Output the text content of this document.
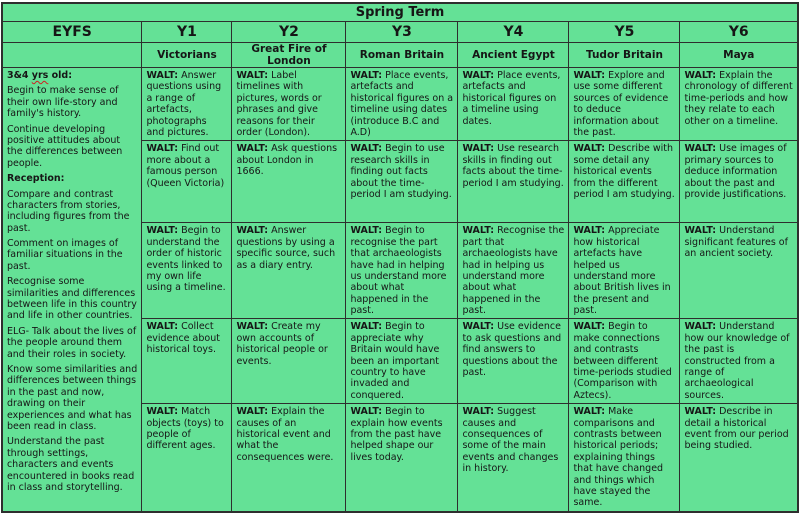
Spring Term						
EYFS	Y1	Y2	Y3	Y4	Y5	Y6
	Victorians	Great Fire of London	Roman Britain	Ancient Egypt	Tudor Britain	Maya

3&4 yrs old:
Begin to make sense of their own life-story and family's history.
Continue developing positive attitudes about the differences between people.
Reception:
Compare and contrast characters from stories, including figures from the past.
Comment on images of familiar situations in the past.
Recognise some similarities and differences between life in this country and life in other countries.
ELG- Talk about the lives of the people around them and their roles in society.
Know some similarities and differences between things in the past and now, drawing on their experiences and what has been read in class.
Understand the past through settings, characters and events encountered in books read in class and storytelling.
	WALT: Answer questions using a range of artefacts, photographs and pictures.	WALT: Label timelines with pictures, words or phrases and give reasons for their order (London).	WALT: Place events, artefacts and historical figures on a timeline using dates (introduce B.C and A.D)	WALT: Place events, artefacts and historical figures on a timeline using dates.	WALT: Explore and use some different sources of evidence to deduce information about the past.	WALT: Explain the chronology of different time-periods and how they relate to each other on a timeline.
	WALT: Find out more about a famous person (Queen Victoria)	WALT: Ask questions about London in 1666.	WALT: Begin to use research skills in finding out facts about the time-period I am studying.	WALT: Use research skills in finding out facts about the time-period I am studying.	WALT: Describe with some detail any historical events from the different period I am studying.	WALT: Use images of primary sources to deduce information about the past and provide justifications.
	WALT: Begin to understand the order of historic events linked to my own life using a timeline.	WALT: Answer questions by using a specific source, such as a diary entry.	WALT: Begin to recognise the part that archaeologists have had in helping us understand more about what happened in the past.	WALT: Recognise the part that archaeologists have had in helping us understand more about what happened in the past.	WALT: Appreciate how historical artefacts have helped us understand more about British lives in the present and past.	WALT: Understand significant features of an ancient society.
	WALT: Collect evidence about historical toys.	WALT: Create my own accounts of historical people or events.	WALT: Begin to appreciate why Britain would have been an important country to have invaded and conquered.	WALT: Use evidence to ask questions and find answers to questions about the past.	WALT: Begin to make connections and contrasts between different time-periods studied (Comparison with Aztecs).	WALT: Understand how our knowledge of the past is constructed from a range of archaeological sources.
	WALT: Match objects (toys) to people of different ages.	WALT: Explain the causes of an historical event and what the consequences were.	WALT: Begin to explain how events from the past have helped shape our lives today.	WALT: Suggest causes and consequences of some of the main events and changes in history.	WALT: Make comparisons and contrasts between historical periods; explaining things that have changed and things which have stayed the same.	WALT: Describe in detail a historical event from our period being studied.
